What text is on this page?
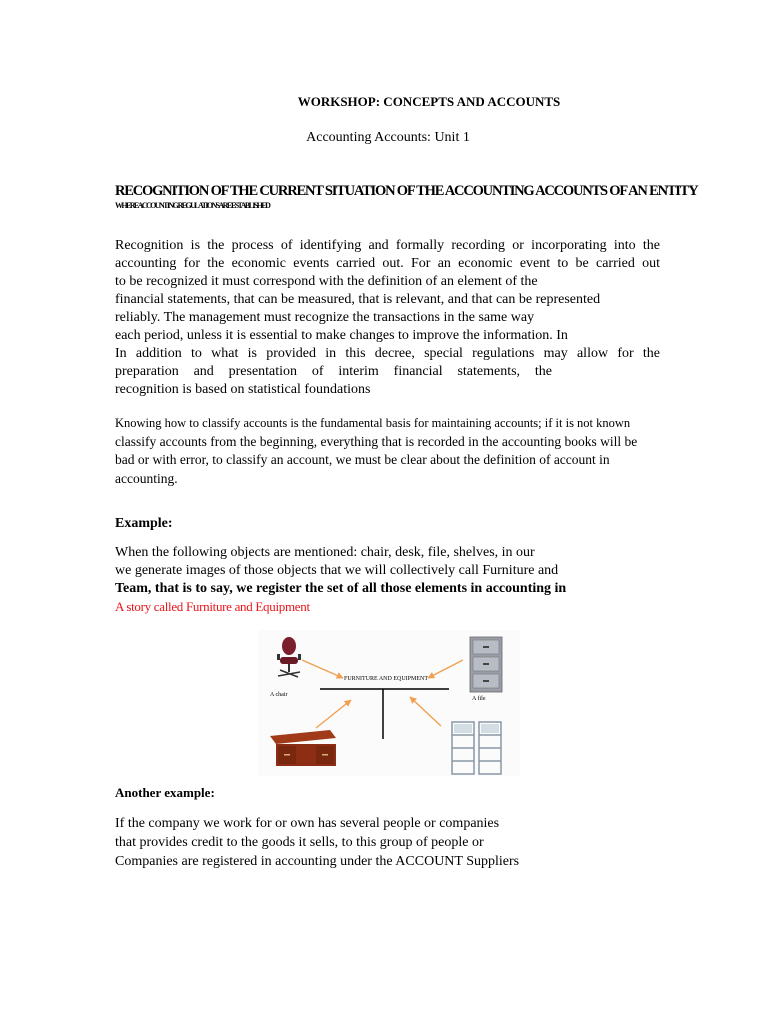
WORKSHOP: CONCEPTS AND ACCOUNTS
Accounting Accounts: Unit 1
RECOGNITION OF THE CURRENT SITUATION OF THE ACCOUNTING ACCOUNTS OF AN ENTITY
WHERE ACCOUNTING REGULATIONS ARE ESTABLISHED
Recognition is the process of identifying and formally recording or incorporating into the
accounting for the economic events carried out. For an economic event to be carried out
to be recognized it must correspond with the definition of an element of the
financial statements, that can be measured, that is relevant, and that can be represented
reliably. The management must recognize the transactions in the same way
each period, unless it is essential to make changes to improve the information. In
In addition to what is provided in this decree, special regulations may allow for the
preparation and presentation of interim financial statements, the
recognition is based on statistical foundations
Knowing how to classify accounts is the fundamental basis for maintaining accounts; if it is not known
classify accounts from the beginning, everything that is recorded in the accounting books will be
bad or with error, to classify an account, we must be clear about the definition of account in
accounting.
Example:
When the following objects are mentioned: chair, desk, file, shelves, in our
we generate images of those objects that we will collectively call Furniture and
Team, that is to say, we register the set of all those elements in accounting in
A story called Furniture and Equipment
FURNITURE AND EQUIPMENT
A chair
A file
Another example:
If the company we work for or own has several people or companies
that provides credit to the goods it sells, to this group of people or
Companies are registered in accounting under the ACCOUNT Suppliers
